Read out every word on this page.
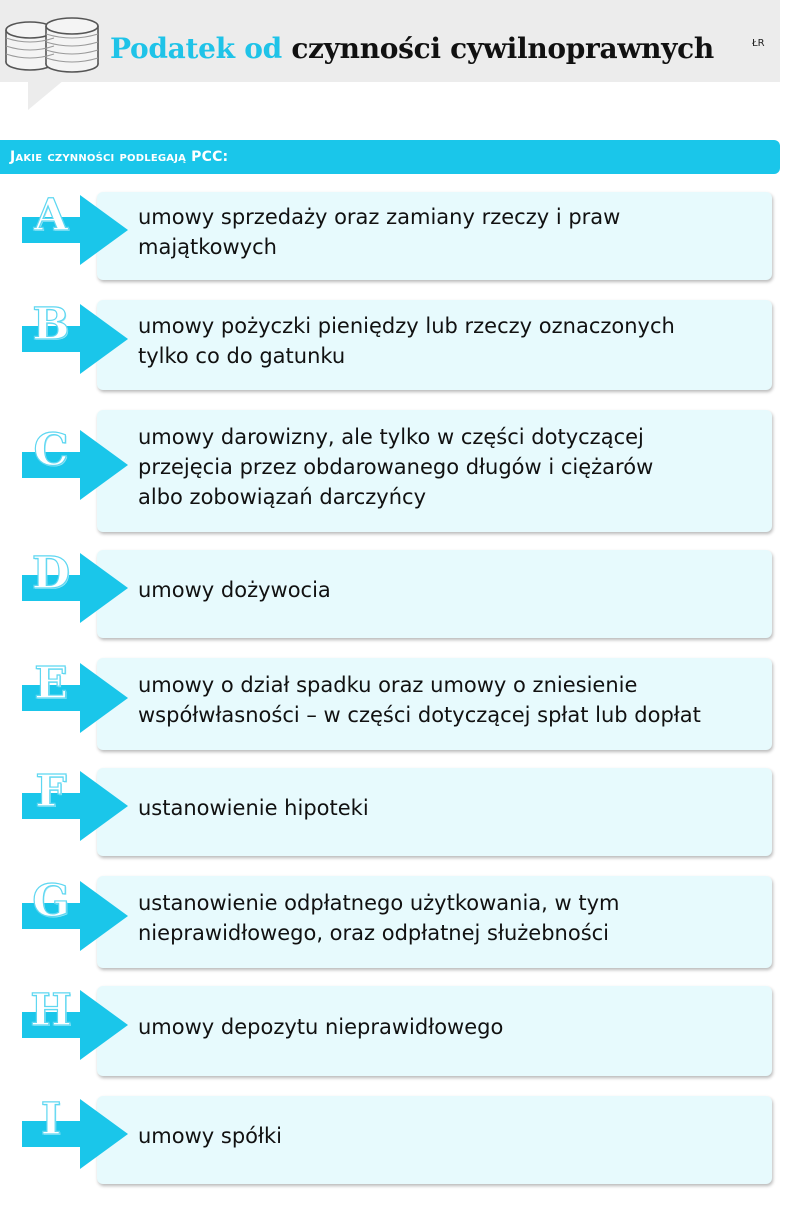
Podatek od czynności cywilnoprawnych	ŁR
Jakie czynności podlegają PCC:
A	umowy sprzedaży oraz zamiany rzeczy i praw
majątkowych

B	umowy pożyczki pieniędzy lub rzeczy oznaczonych
tylko co do gatunku

C	umowy darowizny, ale tylko w części dotyczącej
przejęcia przez obdarowanego długów i ciężarów
albo zobowiązań darczyńcy

D	umowy dożywocia

E	umowy o dział spadku oraz umowy o zniesienie
współwłasności – w części dotyczącej spłat lub dopłat

F	ustanowienie hipoteki

G	ustanowienie odpłatnego użytkowania, w tym
nieprawidłowego, oraz odpłatnej służebności

H	umowy depozytu nieprawidłowego

I	umowy spółki
